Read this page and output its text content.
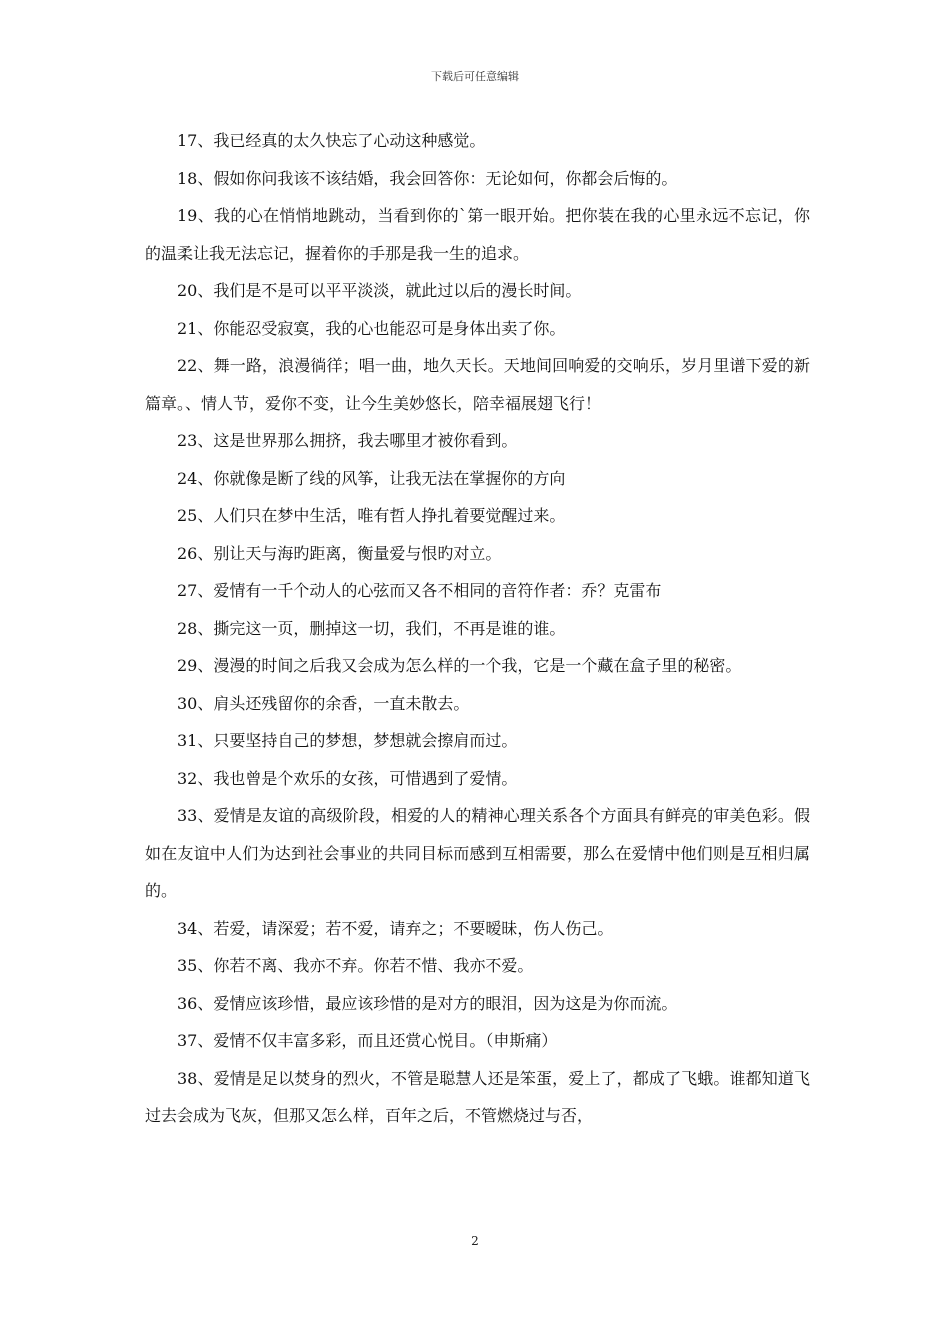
下载后可任意编辑

17、我已经真的太久快忘了心动这种感觉。

18、假如你问我该不该结婚，我会回答你：无论如何，你都会后悔的。

19、我的心在悄悄地跳动，当看到你的`第一眼开始。把你装在我的心里永远不忘记，你的温柔让我无法忘记，握着你的手那是我一生的追求。

20、我们是不是可以平平淡淡，就此过以后的漫长时间。

21、你能忍受寂寞，我的心也能忍可是身体出卖了你。

22、舞一路，浪漫徜徉；唱一曲，地久天长。天地间回响爱的交响乐，岁月里谱下爱的新篇章。、情人节，爱你不变，让今生美妙悠长，陪幸福展翅飞行！

23、这是世界那么拥挤，我去哪里才被你看到。

24、你就像是断了线的风筝，让我无法在掌握你的方向

25、人们只在梦中生活，唯有哲人挣扎着要觉醒过来。

26、别让天与海旳距离，衡量爱与恨旳对立。

27、爱情有一千个动人的心弦而又各不相同的音符作者：乔？克雷布

28、撕完这一页，删掉这一切，我们，不再是谁的谁。

29、漫漫的时间之后我又会成为怎么样的一个我，它是一个藏在盒子里的秘密。

30、肩头还残留你的余香，一直未散去。

31、只要坚持自己的梦想，梦想就会擦肩而过。

32、我也曾是个欢乐的女孩，可惜遇到了爱情。

33、爱情是友谊的高级阶段，相爱的人的精神心理关系各个方面具有鲜亮的审美色彩。假如在友谊中人们为达到社会事业的共同目标而感到互相需要，那么在爱情中他们则是互相归属的。

34、若爱，请深爱；若不爱，请弃之；不要暧昧，伤人伤己。

35、你若不离、我亦不弃。你若不惜、我亦不爱。

36、爱情应该珍惜，最应该珍惜的是对方的眼泪，因为这是为你而流。

37、爱情不仅丰富多彩，而且还赏心悦目。（申斯痛）

38、爱情是足以焚身的烈火，不管是聪慧人还是笨蛋，爱上了，都成了飞蛾。谁都知道飞过去会成为飞灰，但那又怎么样，百年之后，不管燃烧过与否，

2
